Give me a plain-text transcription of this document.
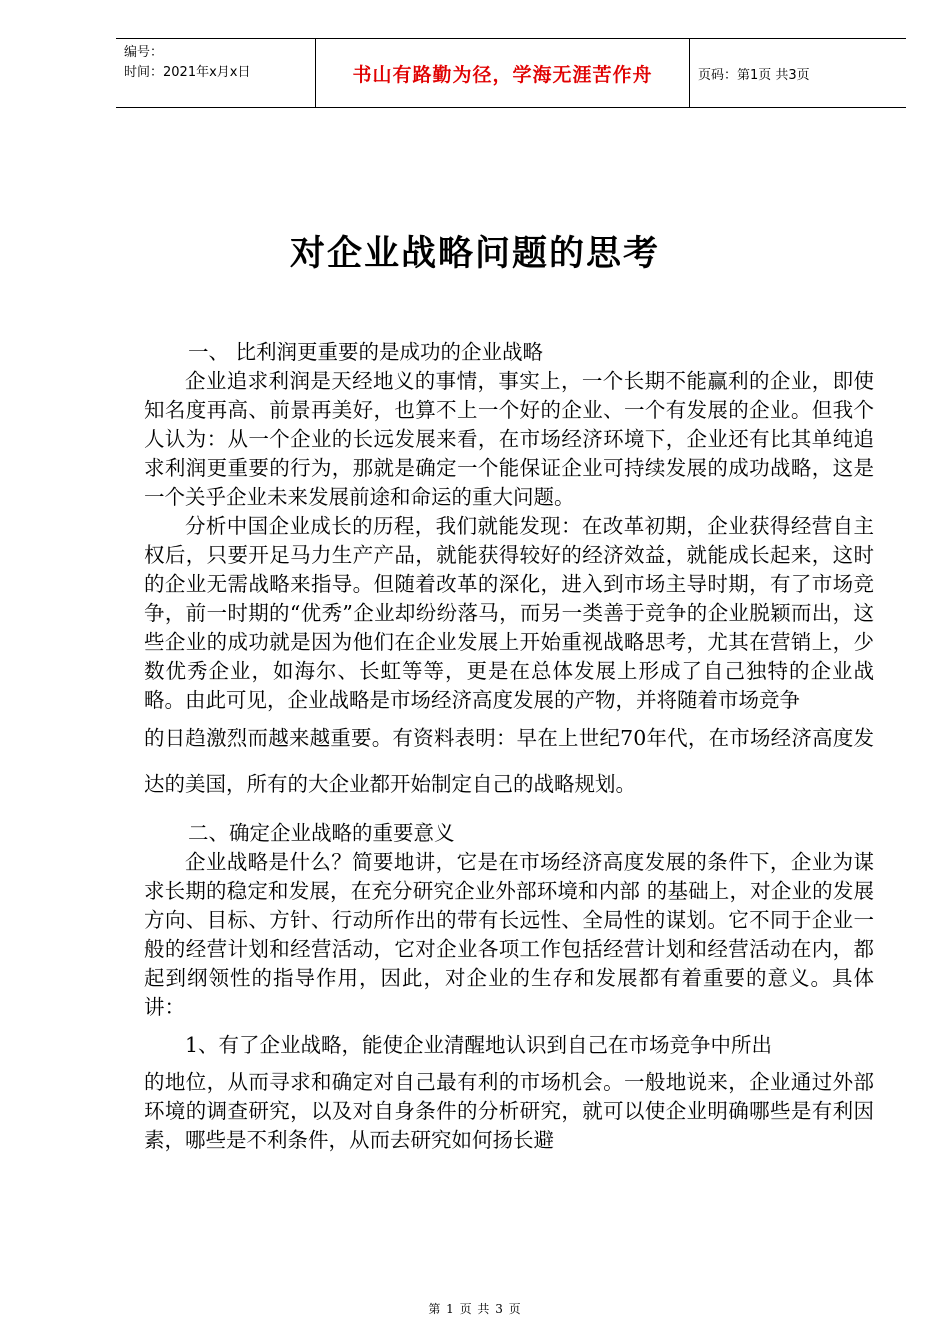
编号：
时间：2021年x月x日	书山有路勤为径，学海无涯苦作舟	页码：第1页 共3页
对企业战略问题的思考

一、 比利润更重要的是成功的企业战略

企业追求利润是天经地义的事情，事实上，一个长期不能赢利的企业，即使知名度再高、前景再美好，也算不上一个好的企业、一个有发展的企业。但我个人认为：从一个企业的长远发展来看，在市场经济环境下，企业还有比其单纯追求利润更重要的行为，那就是确定一个能保证企业可持续发展的成功战略，这是一个关乎企业未来发展前途和命运的重大问题。

分析中国企业成长的历程，我们就能发现：在改革初期，企业获得经营自主权后，只要开足马力生产产品，就能获得较好的经济效益，就能成长起来，这时的企业无需战略来指导。但随着改革的深化，进入到市场主导时期，有了市场竞争，前一时期的“优秀”企业却纷纷落马，而另一类善于竞争的企业脱颖而出，这些企业的成功就是因为他们在企业发展上开始重视战略思考，尤其在营销上，少数优秀企业，如海尔、长虹等等，更是在总体发展上形成了自己独特的企业战略。由此可见，企业战略是市场经济高度发展的产物，并将随着市场竞争

的日趋激烈而越来越重要。有资料表明：早在上世纪70年代，在市场经济高度发达的美国，所有的大企业都开始制定自己的战略规划。

二、确定企业战略的重要意义

企业战略是什么？简要地讲，它是在市场经济高度发展的条件下，企业为谋求长期的稳定和发展，在充分研究企业外部环境和内部 的基础上，对企业的发展方向、目标、方针、行动所作出的带有长远性、全局性的谋划。它不同于企业一般的经营计划和经营活动，它对企业各项工作包括经营计划和经营活动在内，都起到纲领性的指导作用，因此，对企业的生存和发展都有着重要的意义。具体讲：

1、有了企业战略，能使企业清醒地认识到自己在市场竞争中所出

的地位，从而寻求和确定对自己最有利的市场机会。一般地说来，企业通过外部环境的调查研究，以及对自身条件的分析研究，就可以使企业明确哪些是有利因素，哪些是不利条件，从而去研究如何扬长避

第 1 页 共 3 页
